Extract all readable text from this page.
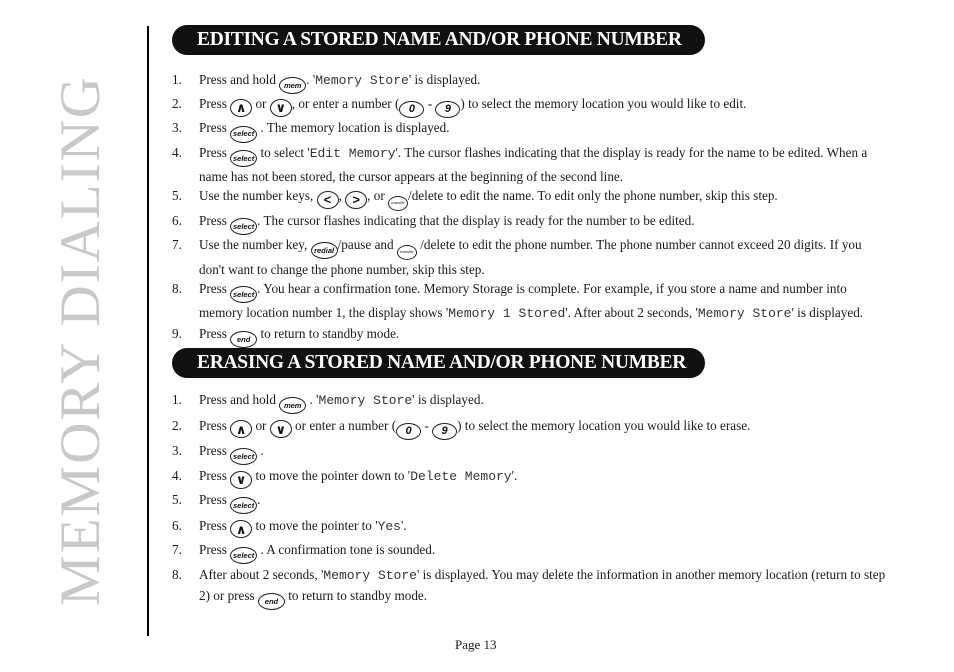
MEMORY DIALING
EDITING A STORED NAME AND/OR PHONE NUMBER
1. Press and hold mem . 'Memory Store' is displayed.
2. Press ∧ or ∨ , or enter a number ( 0 - 9 ) to select the memory location you would like to edit.
3. Press select . The memory location is displayed.
4. Press select to select 'Edit Memory'. The cursor flashes indicating that the display is ready for the name to be edited. When a name has not been stored, the cursor appears at the beginning of the second line.
5. Use the number keys, < , > , or transfer /delete to edit the name. To edit only the phone number, skip this step.
6. Press select . The cursor flashes indicating that the display is ready for the number to be edited.
7. Use the number key, redial /pause and transfer /delete to edit the phone number. The phone number cannot exceed 20 digits. If you don't want to change the phone number, skip this step.
8. Press select . You hear a confirmation tone. Memory Storage is complete. For example, if you store a name and number into memory location number 1, the display shows 'Memory 1 Stored'. After about 2 seconds, 'Memory Store' is displayed.
9. Press end to return to standby mode.
ERASING A STORED NAME AND/OR PHONE NUMBER
1. Press and hold mem . 'Memory Store' is displayed.
2. Press ∧ or ∨ or enter a number ( 0 - 9 ) to select the memory location you would like to erase.
3. Press select .
4. Press ∨ to move the pointer down to 'Delete Memory'.
5. Press select .
6. Press ∧ to move the pointer to 'Yes'.
7. Press select . A confirmation tone is sounded.
8. After about 2 seconds, 'Memory Store' is displayed. You may delete the information in another memory location (return to step 2) or press end to return to standby mode.
Page 13
